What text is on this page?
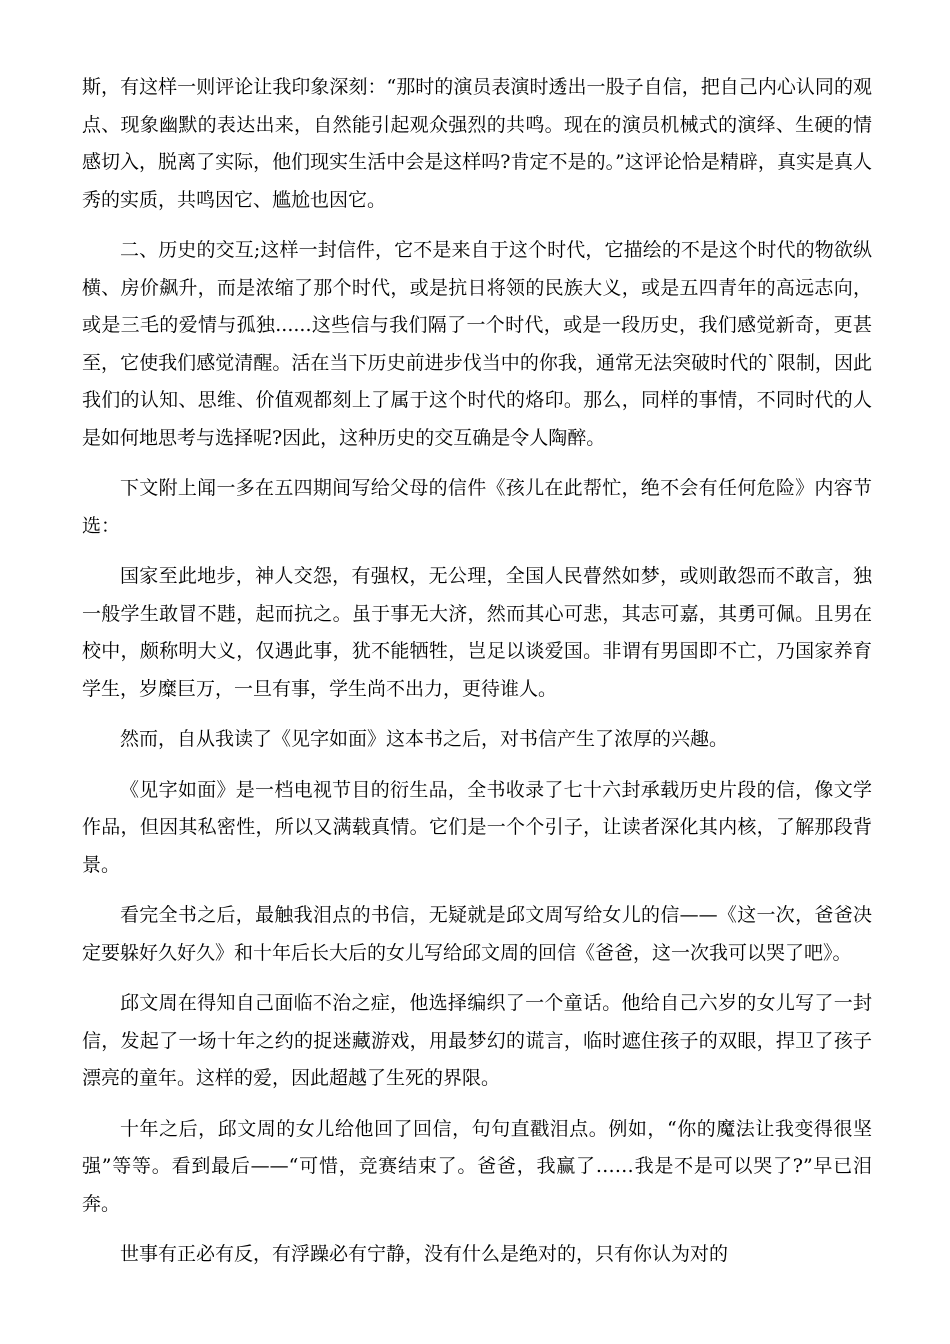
斯，有这样一则评论让我印象深刻：“那时的演员表演时透出一股子自信，把自己内心认同的观点、现象幽默的表达出来，自然能引起观众强烈的共鸣。现在的演员机械式的演绎、生硬的情感切入，脱离了实际，他们现实生活中会是这样吗?肯定不是的。”这评论恰是精辟，真实是真人秀的实质，共鸣因它、尴尬也因它。

二、历史的交互;这样一封信件，它不是来自于这个时代，它描绘的不是这个时代的物欲纵横、房价飙升，而是浓缩了那个时代，或是抗日将领的民族大义，或是五四青年的高远志向，或是三毛的爱情与孤独......这些信与我们隔了一个时代，或是一段历史，我们感觉新奇，更甚至，它使我们感觉清醒。活在当下历史前进步伐当中的你我，通常无法突破时代的`限制，因此我们的认知、思维、价值观都刻上了属于这个时代的烙印。那么，同样的事情，不同时代的人是如何地思考与选择呢?因此，这种历史的交互确是令人陶醉。

下文附上闻一多在五四期间写给父母的信件《孩儿在此帮忙，绝不会有任何危险》内容节选：

国家至此地步，神人交怨，有强权，无公理，全国人民瞢然如梦，或则敢怨而不敢言，独一般学生敢冒不韪，起而抗之。虽于事无大济，然而其心可悲，其志可嘉，其勇可佩。且男在校中，颇称明大义，仅遇此事，犹不能牺牲，岂足以谈爱国。非谓有男国即不亡，乃国家养育学生，岁糜巨万，一旦有事，学生尚不出力，更待谁人。

然而，自从我读了《见字如面》这本书之后，对书信产生了浓厚的兴趣。

《见字如面》是一档电视节目的衍生品，全书收录了七十六封承载历史片段的信，像文学作品，但因其私密性，所以又满载真情。它们是一个个引子，让读者深化其内核，了解那段背景。

看完全书之后，最触我泪点的书信，无疑就是邱文周写给女儿的信——《这一次，爸爸决定要躲好久好久》和十年后长大后的女儿写给邱文周的回信《爸爸，这一次我可以哭了吧》。

邱文周在得知自己面临不治之症，他选择编织了一个童话。他给自己六岁的女儿写了一封信，发起了一场十年之约的捉迷藏游戏，用最梦幻的谎言，临时遮住孩子的双眼，捍卫了孩子漂亮的童年。这样的爱，因此超越了生死的界限。

十年之后，邱文周的女儿给他回了回信，句句直戳泪点。例如，“你的魔法让我变得很坚强”等等。看到最后——“可惜，竞赛结束了。爸爸，我赢了……我是不是可以哭了?”早已泪奔。

世事有正必有反，有浮躁必有宁静，没有什么是绝对的，只有你认为对的
